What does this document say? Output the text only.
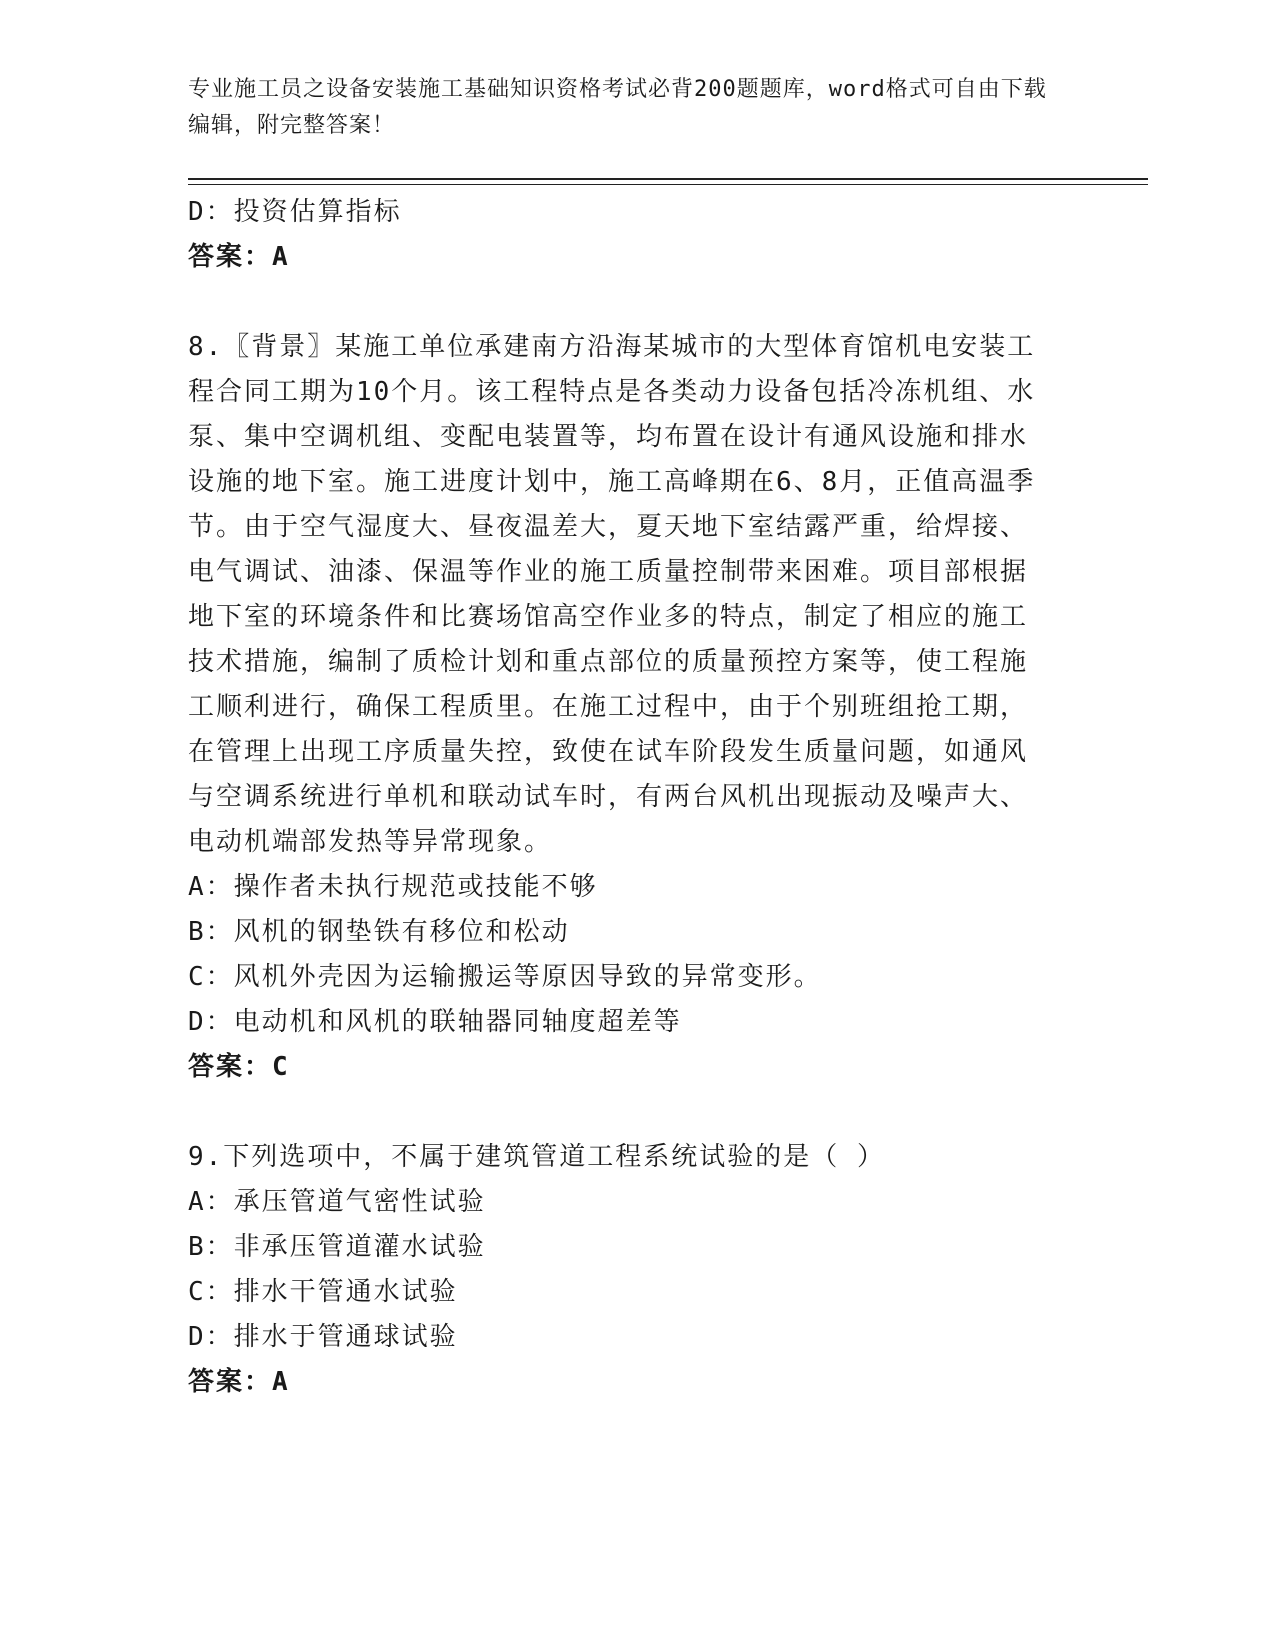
专业施工员之设备安装施工基础知识资格考试必背200题题库，word格式可自由下载编辑，附完整答案！
D：投资估算指标
答案：A
8.〖背景〗某施工单位承建南方沿海某城市的大型体育馆机电安装工
程合同工期为10个月。该工程特点是各类动力设备包括冷冻机组、水
泵、集中空调机组、变配电装置等，均布置在设计有通风设施和排水
设施的地下室。施工进度计划中，施工高峰期在6、8月，正值高温季
节。由于空气湿度大、昼夜温差大，夏天地下室结露严重，给焊接、
电气调试、油漆、保温等作业的施工质量控制带来困难。项目部根据
地下室的环境条件和比赛场馆高空作业多的特点，制定了相应的施工
技术措施，编制了质检计划和重点部位的质量预控方案等，使工程施
工顺利进行，确保工程质里。在施工过程中，由于个别班组抢工期，
在管理上出现工序质量失控，致使在试车阶段发生质量问题，如通风
与空调系统进行单机和联动试车时，有两台风机出现振动及噪声大、
电动机端部发热等异常现象。
A：操作者未执行规范或技能不够
B：风机的钢垫铁有移位和松动
C：风机外壳因为运输搬运等原因导致的异常变形。
D：电动机和风机的联轴器同轴度超差等
答案：C
9.下列选项中，不属于建筑管道工程系统试验的是（ ）
A：承压管道气密性试验
B：非承压管道灌水试验
C：排水干管通水试验
D：排水于管通球试验
答案：A
